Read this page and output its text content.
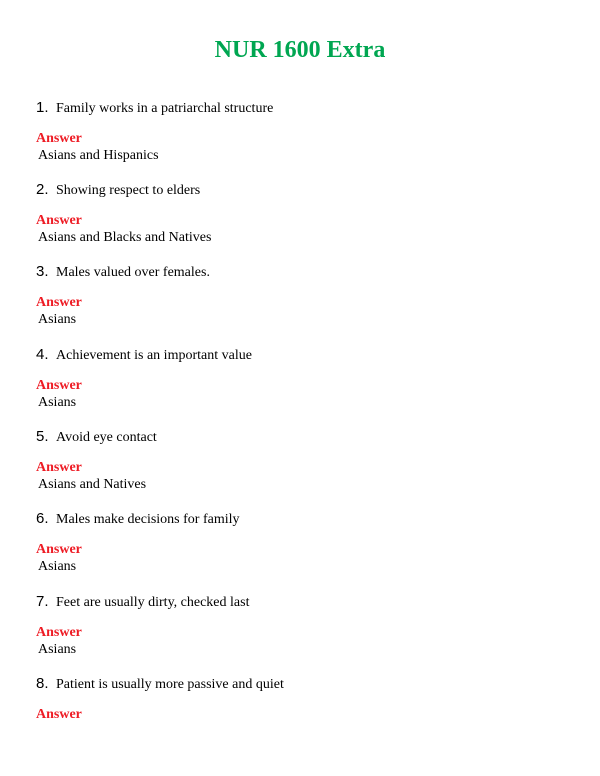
NUR 1600 Extra
1. Family works in a patriarchal structure
Answer
Asians and Hispanics
2. Showing respect to elders
Answer
Asians and Blacks and Natives
3. Males valued over females.
Answer
Asians
4. Achievement is an important value
Answer
Asians
5. Avoid eye contact
Answer
Asians and Natives
6. Males make decisions for family
Answer
Asians
7. Feet are usually dirty, checked last
Answer
Asians
8. Patient is usually more passive and quiet
Answer
